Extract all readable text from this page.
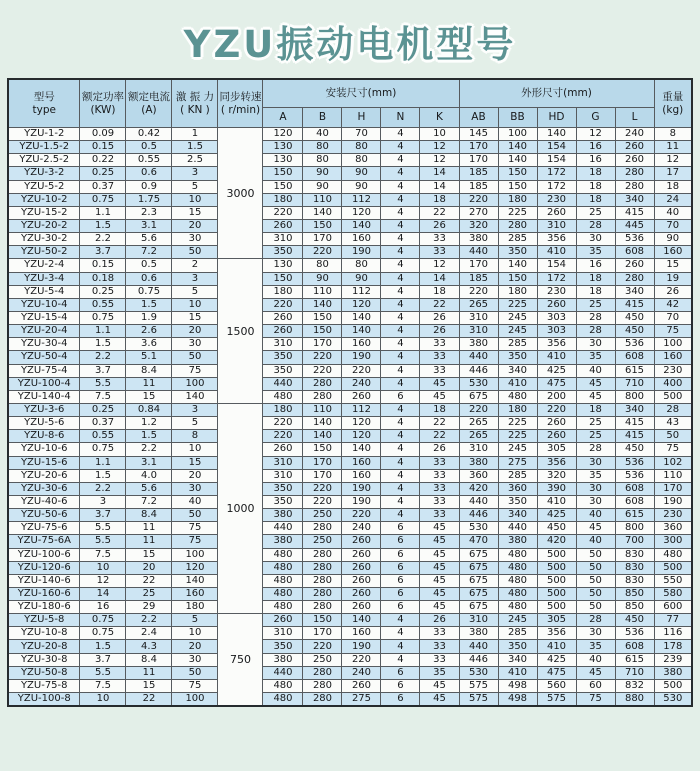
YZU振动电机型号
型号
type

额定功率
(KW)

额定电流
(A)

激 振 力
( KN )

同步转速
( r/min)
	安装尺寸(mm)	外形尺寸(mm)	重量
(kg)

					A	B	H	N	K	AB	BB	HD	G	L	
YZU-1-2	0.09	0.42	1	3000	120	40	70	4	10	145	100	140	12	240	8
YZU-1.5-2	0.15	0.5	1.5		130	80	80	4	12	170	140	154	16	260	11
YZU-2.5-2	0.22	0.55	2.5		130	80	80	4	12	170	140	154	16	260	12
YZU-3-2	0.25	0.6	3		150	90	90	4	14	185	150	172	18	280	17
YZU-5-2	0.37	0.9	5		150	90	90	4	14	185	150	172	18	280	18
YZU-10-2	0.75	1.75	10		180	110	112	4	18	220	180	230	18	340	24
YZU-15-2	1.1	2.3	15		220	140	120	4	22	270	225	260	25	415	40
YZU-20-2	1.5	3.1	20		260	150	140	4	26	320	280	310	28	445	70
YZU-30-2	2.2	5.6	30		310	170	160	4	33	380	285	356	30	536	90
YZU-50-2	3.7	7.2	50		350	220	190	4	33	440	350	410	35	608	160
YZU-2-4	0.15	0.5	2	1500	130	80	80	4	12	170	140	154	16	260	15
YZU-3-4	0.18	0.6	3		150	90	90	4	14	185	150	172	18	280	19
YZU-5-4	0.25	0.75	5		180	110	112	4	18	220	180	230	18	340	26
YZU-10-4	0.55	1.5	10		220	140	120	4	22	265	225	260	25	415	42
YZU-15-4	0.75	1.9	15		260	150	140	4	26	310	245	303	28	450	70
YZU-20-4	1.1	2.6	20		260	150	140	4	26	310	245	303	28	450	75
YZU-30-4	1.5	3.6	30		310	170	160	4	33	380	285	356	30	536	100
YZU-50-4	2.2	5.1	50		350	220	190	4	33	440	350	410	35	608	160
YZU-75-4	3.7	8.4	75		350	220	220	4	33	446	340	425	40	615	230
YZU-100-4	5.5	11	100		440	280	240	4	45	530	410	475	45	710	400
YZU-140-4	7.5	15	140		480	280	260	6	45	675	480	200	45	800	500
YZU-3-6	0.25	0.84	3	1000	180	110	112	4	18	220	180	220	18	340	28
YZU-5-6	0.37	1.2	5		220	140	120	4	22	265	225	260	25	415	43
YZU-8-6	0.55	1.5	8		220	140	120	4	22	265	225	260	25	415	50
YZU-10-6	0.75	2.2	10		260	150	140	4	26	310	245	305	28	450	75
YZU-15-6	1.1	3.1	15		310	170	160	4	33	380	275	356	30	536	102
YZU-20-6	1.5	4.0	20		310	170	160	4	33	360	285	320	35	536	110
YZU-30-6	2.2	5.6	30		350	220	190	4	33	420	360	390	30	608	170
YZU-40-6	3	7.2	40		350	220	190	4	33	440	350	410	30	608	190
YZU-50-6	3.7	8.4	50		380	250	220	4	33	446	340	425	40	615	230
YZU-75-6	5.5	11	75		440	280	240	6	45	530	440	450	45	800	360
YZU-75-6A	5.5	11	75		380	250	260	6	45	470	380	420	40	700	300
YZU-100-6	7.5	15	100		480	280	260	6	45	675	480	500	50	830	480
YZU-120-6	10	20	120		480	280	260	6	45	675	480	500	50	830	500
YZU-140-6	12	22	140		480	280	260	6	45	675	480	500	50	830	550
YZU-160-6	14	25	160		480	280	260	6	45	675	480	500	50	850	580
YZU-180-6	16	29	180		480	280	260	6	45	675	480	500	50	850	600
YZU-5-8	0.75	2.2	5	750	260	150	140	4	26	310	245	305	28	450	77
YZU-10-8	0.75	2.4	10		310	170	160	4	33	380	285	356	30	536	116
YZU-20-8	1.5	4.3	20		350	220	190	4	33	440	350	410	35	608	178
YZU-30-8	3.7	8.4	30		380	250	220	4	33	446	340	425	40	615	239
YZU-50-8	5.5	11	50		440	280	240	6	35	530	410	475	45	710	380
YZU-75-8	7.5	15	75		480	280	260	6	45	575	498	560	60	832	500
YZU-100-8	10	22	100		480	280	275	6	45	575	498	575	75	880	530
